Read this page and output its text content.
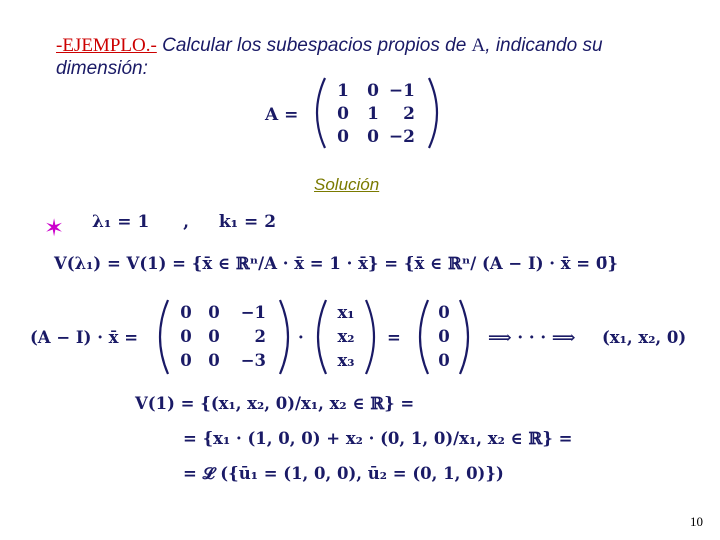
-EJEMPLO.- Calcular los subespacios propios de A, indicando su
dimensión:
A =
1 0 −1
0 1 2
0 0 −2
Solución
✶ λ₁ = 1 , k₁ = 2
V(λ₁) = V(1) = {x̄ ∈ ℝⁿ/A · x̄ = 1 · x̄} = {x̄ ∈ ℝⁿ/ (A − I) · x̄ = 0̄}
(A − I) · x̄ =
0 0 −1
0 0 2
0 0 −3
·
x₁
x₂
x₃
=
0
0
0
⟹ · · · ⟹ (x₁, x₂, 0)
V(1) = {(x₁, x₂, 0)/x₁, x₂ ∈ ℝ} =
= {x₁ · (1, 0, 0) + x₂ · (0, 1, 0)/x₁, x₂ ∈ ℝ} =
= 𝓛 ({ū₁ = (1, 0, 0), ū₂ = (0, 1, 0)})
10
